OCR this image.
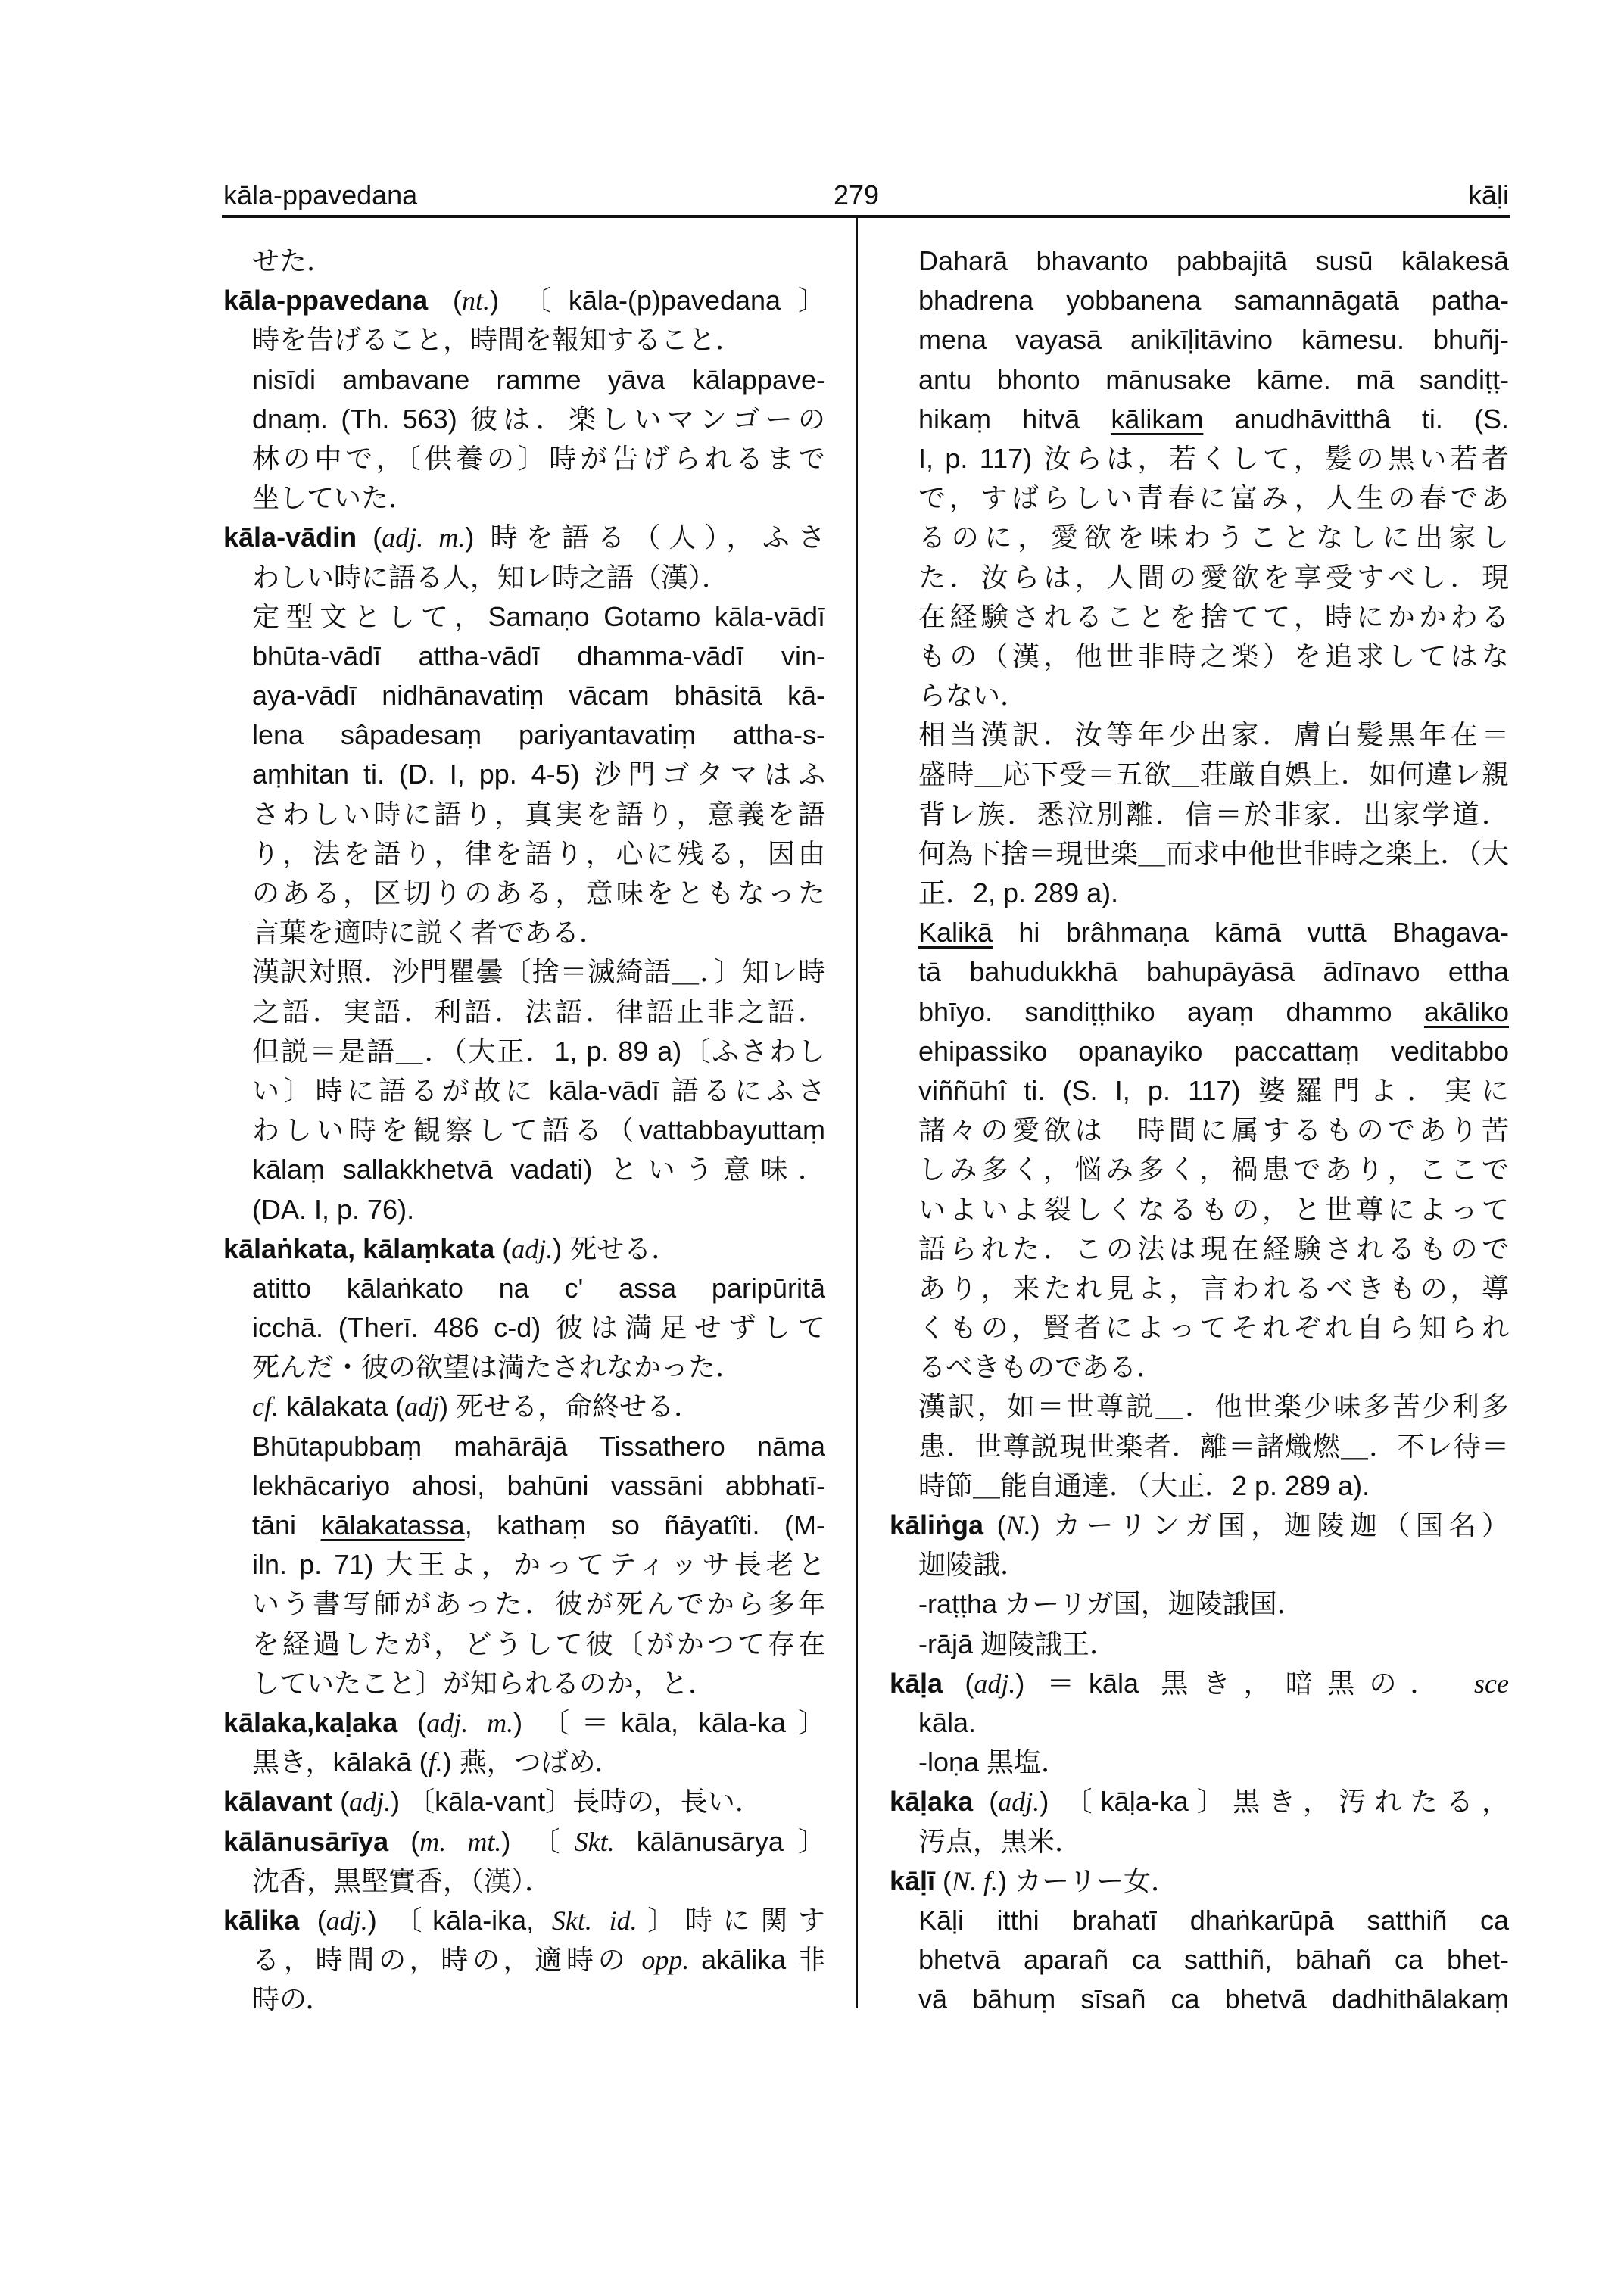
kāla-ppavedana	279	kāḷi
せた．
kāla-ppavedana (nt.) 〔kāla-(p)pavedana〕
時を告げること，時間を報知すること．
nisīdi ambavane ramme yāva kālappave-
dnaṃ. (Th. 563) 彼は．楽しいマンゴーの
林の中で，〔供養の〕時が告げられるまで
坐していた．
kāla-vādin (adj. m.) 時を語る（人），ふさ
わしい時に語る人，知レ時之語（漢）．
定型文として，Samaṇo Gotamo kāla-vādī
bhūta-vādī attha-vādī dhamma-vādī vin-
aya-vādī nidhānavatiṃ vācam bhāsitā kā-
lena sâpadesaṃ pariyantavatiṃ attha-s-
aṃhitan ti. (D. I, pp. 4-5) 沙門ゴタマはふ
さわしい時に語り，真実を語り，意義を語
り，法を語り，律を語り，心に残る，因由
のある，区切りのある，意味をともなった
言葉を適時に説く者である．
漢訳対照．沙門瞿曇〔捨＝滅綺語＿．〕知レ時
之語．実語．利語．法語．律語止非之語．
但説＝是語＿．（大正．1, p. 89 a)〔ふさわし
い〕時に語るが故に kāla-vādī 語るにふさ
わしい時を観察して語る（vattabbayuttaṃ
kālaṃ sallakkhetvā vadati) という意味．
(DA. I, p. 76).
kālaṅkata, kālaṃkata (adj.) 死せる．
atitto kālaṅkato na c' assa paripūritā
icchā. (Therī. 486 c-d) 彼は満足せずして
死んだ・彼の欲望は満たされなかった．
cf. kālakata (adj) 死せる，命終せる．
Bhūtapubbaṃ mahārājā Tissathero nāma
lekhācariyo ahosi, bahūni vassāni abbhatī-
tāni kālakatassa, kathaṃ so ñāyatîti. (M-
iln. p. 71) 大王よ，かってティッサ長老と
いう書写師があった．彼が死んでから多年
を経過したが，どうして彼〔がかつて存在
していたこと〕が知られるのか，と．
kālaka,kaḷaka (adj. m.) 〔＝kāla, kāla-ka〕
黒き，kālakā (f.) 燕，つばめ．
kālavant (adj.) 〔kāla-vant〕長時の，長い．
kālānusārīya (m. mt.) 〔Skt. kālānusārya〕
沈香，黒堅實香，（漢）．
kālika (adj.) 〔kāla-ika, Skt. id.〕時に関す
る，時間の，時の，適時の opp. akālika 非
時の．
Daharā bhavanto pabbajitā susū kālakesā
bhadrena yobbanena samannāgatā patha-
mena vayasā anikīḷitāvino kāmesu. bhuñj-
antu bhonto mānusake kāme. mā sandiṭṭ-
hikaṃ hitvā kālikam anudhāvitthâ ti. (S.
I, p. 117) 汝らは，若くして，髪の黒い若者
で，すばらしい青春に富み，人生の春であ
るのに，愛欲を味わうことなしに出家し
た．汝らは，人間の愛欲を享受すべし．現
在経験されることを捨てて，時にかかわる
もの（漢，他世非時之楽）を追求してはな
らない．
相当漢訳．汝等年少出家．膚白髪黒年在＝
盛時＿応下受＝五欲＿荘厳自娯上．如何違レ親
背レ族．悉泣別離．信＝於非家．出家学道．
何為下捨＝現世楽＿而求中他世非時之楽上．（大
正．2, p. 289 a).
Kalikā hi brâhmaṇa kāmā vuttā Bhagava-
tā bahudukkhā bahupāyāsā ādīnavo ettha
bhīyo. sandiṭṭhiko ayaṃ dhammo akāliko
ehipassiko opanayiko paccattaṃ veditabbo
viññūhî ti. (S. I, p. 117) 婆羅門よ．実に
諸々の愛欲は　時間に属するものであり苦
しみ多く，悩み多く，禍患であり，ここで
いよいよ裂しくなるもの，と世尊によって
語られた．この法は現在経験されるもので
あり，来たれ見よ，言われるべきもの，導
くもの，賢者によってそれぞれ自ら知られ
るべきものである．
漢訳，如＝世尊説＿．他世楽少味多苦少利多
患．世尊説現世楽者．離＝諸熾燃＿．不レ待＝
時節＿能自通達．（大正．2 p. 289 a).
kāliṅga (N.) カーリンガ国，迦陵迦（国名）
迦陵誐．
-raṭṭha カーリガ国，迦陵誐国．
-rājā 迦陵誐王．
kāḷa (adj.) ＝kāla 黒き，暗黒の． sce
kāla.
-loṇa 黒塩．
kāḷaka (adj.) 〔kāḷa-ka〕黒き，汚れたる，
汚点，黒米．
kāḷī (N. f.) カーリー女．
Kāḷi itthi brahatī dhaṅkarūpā satthiñ ca
bhetvā aparañ ca satthiñ, bāhañ ca bhet-
vā bāhuṃ sīsañ ca bhetvā dadhithālakaṃ
